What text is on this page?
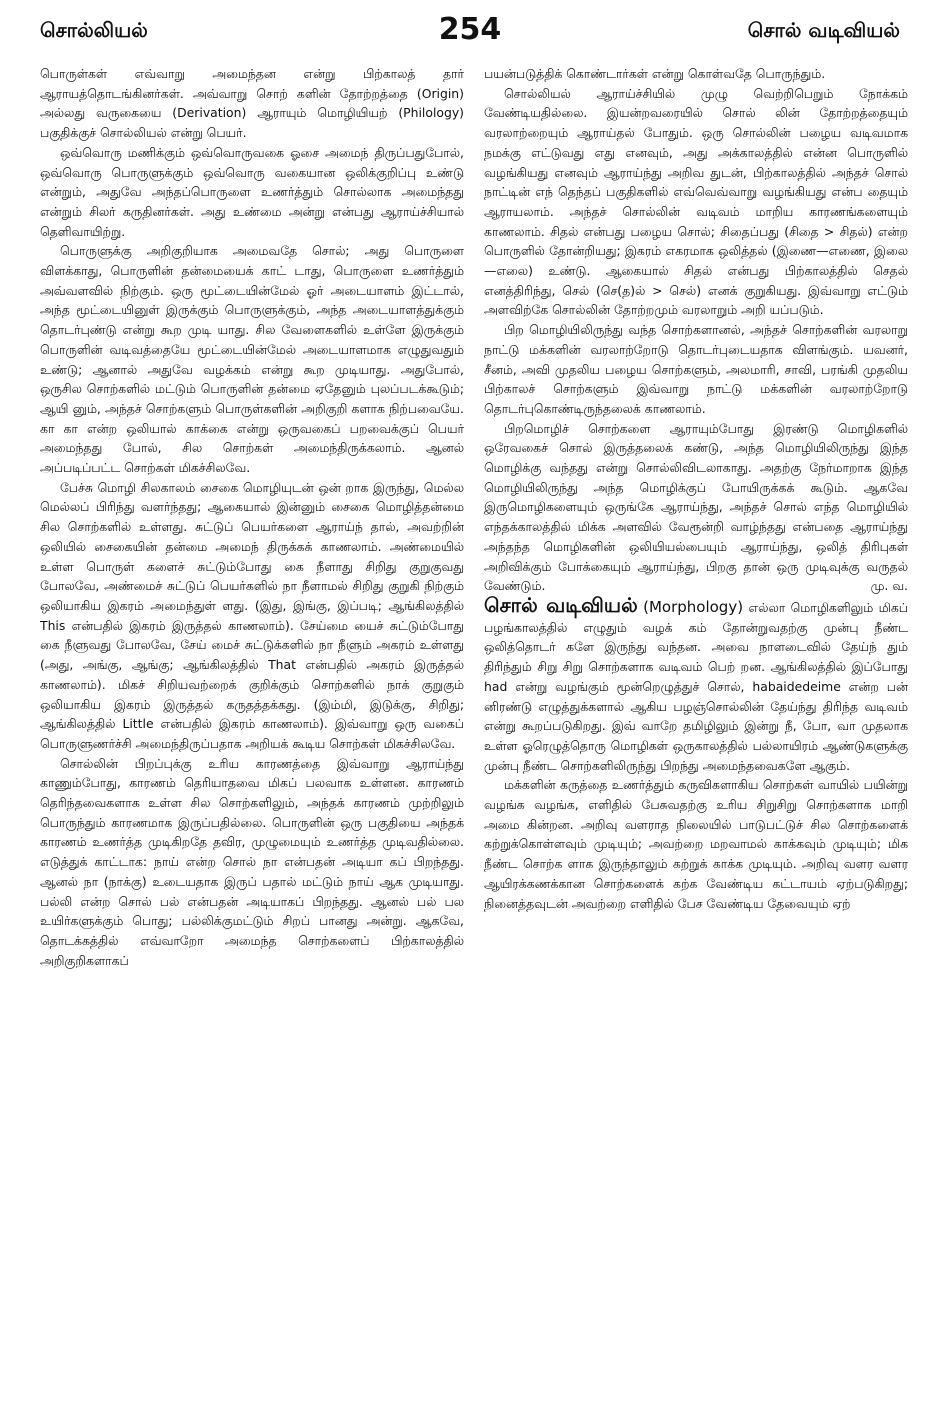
சொல்லியல்	254	சொல் வடிவியல்

பொருள்கள் எவ்வாறு அமைந்தன என்று பிற்காலத் தார் ஆராயத்தொடங்கினர்கள். அவ்வாறு சொற் களின் தோற்றத்தை (Origin) அல்லது வருகையை (Derivation) ஆராயும் மொழியியற் (Philology) பகுதிக்குச் சொல்லியல் என்று பெயர்.

ஒவ்வொரு மணிக்கும் ஒவ்வொருவகை ஓசை அமைந் திருப்பதுபோல், ஒவ்வொரு பொருளுக்கும் ஒவ்வொரு வகையான ஒலிக்குறிப்பு உண்டு என்றும், அதுவே அந்தப்பொருளை உணர்த்தும் சொல்லாக அமைந்தது என்றும் சிலர் கருதினர்கள். அது உண்மை அன்று என்பது ஆராய்ச்சியால் தெளிவாயிற்று.

பொருளுக்கு அறிகுறியாக அமைவதே சொல்; அது பொருளை விளக்காது, பொருளின் தன்மையைக் காட் டாது, பொருளை உணர்த்தும் அவ்வளவில் நிற்கும். ஒரு மூட்டையின்மேல் ஓர் அடையாளம் இட்டால், அந்த மூட்டையினுள் இருக்கும் பொருளுக்கும், அந்த அடையாளத்துக்கும் தொடர்புண்டு என்று கூற முடி யாது. சில வேளைகளில் உள்ளே இருக்கும் பொருளின் வடிவத்தையே மூட்டையின்மேல் அடையாளமாக எழுதுவதும் உண்டு; ஆனால் அதுவே வழக்கம் என்று கூற முடியாது. அதுபோல், ஒருசில சொற்களில் மட்டும் பொருளின் தன்மை ஏதேனும் புலப்படக்கூடும்; ஆயி னும், அந்தச் சொற்களும் பொருள்களின் அறிகுறி களாக நிற்பவையே. கா கா என்ற ஒலியால் காக்கை என்று ஒருவகைப் பறவைக்குப் பெயர் அமைந்தது போல், சில சொற்கள் அமைந்திருக்கலாம். ஆனல் அப்படிப்பட்ட சொற்கள் மிகச்சிலவே.

பேச்சு மொழி சிலகாலம் சைகை மொழியுடன் ஒன் றாக இருந்து, மெல்ல மெல்லப் பிரிந்து வளர்ந்தது; ஆகையால் இன்னும் சைகை மொழித்தன்மை சில சொற்களில் உள்ளது. சுட்டுப் பெயர்களை ஆராய்ந் தால், அவற்றின் ஒலியில் சைகையின் தன்மை அமைந் திருக்கக் காணலாம். அண்மையில் உள்ள பொருள் களைச் சுட்டும்போது கை நீளாது சிறிது குறுகுவது போலவே, அண்மைச் சுட்டுப் பெயர்களில் நா நீளாமல் சிறிது குறுகி நிற்கும் ஒலியாகிய இகரம் அமைந்துள் ளது. (இது, இங்கு, இப்படி; ஆங்கிலத்தில் This என்பதில் இகரம் இருத்தல் காணலாம்). சேய்மை யைச் சுட்டும்போது கை நீளுவது போலவே, சேய் மைச் சுட்டுக்களில் நா நீளும் அகரம் உள்ளது (அது, அங்கு, ஆங்கு; ஆங்கிலத்தில் That என்பதில் அகரம் இருத்தல் காணலாம்). மிகச் சிறியவற்றைக் குறிக்கும் சொற்களில் நாக் குறுகும் ஒலியாகிய இகரம் இருத்தல் கருதத்தக்கது. (இம்மி, இடுக்கு, சிறிது; ஆங்கிலத்தில் Little என்பதில் இகரம் காணலாம்). இவ்வாறு ஒரு வகைப் பொருளுணர்ச்சி அமைந்திருப்பதாக அறியக் கூடிய சொற்கள் மிகச்சிலவே.

சொல்லின் பிறப்புக்கு உரிய காரணத்தை இவ்வாறு ஆராய்ந்து காணும்போது, காரணம் தெரியாதவை மிகப் பலவாக உள்ளன. காரணம் தெரிந்தவைகளாக உள்ள சில சொற்களிலும், அந்தக் காரணம் முற்றிலும் பொருந்தும் காரணமாக இருப்பதில்லை. பொருளின் ஒரு பகுதியை அந்தக் காரணம் உணர்த்த முடிகிறதே தவிர, முழுமையும் உணர்த்த முடிவதில்லை. எடுத்துக் காட்டாக: நாய் என்ற சொல் நா என்பதன் அடியா கப் பிறந்தது. ஆனல் நா (நாக்கு) உடையதாக இருப் பதால் மட்டும் நாய் ஆக முடியாது. பல்லி என்ற சொல் பல் என்பதன் அடியாகப் பிறந்தது. ஆனல் பல் பல உயிர்களுக்கும் பொது; பல்லிக்குமட்டும் சிறப் பானது அன்று. ஆகவே, தொடக்கத்தில் எவ்வாறோ அமைந்த சொற்களைப் பிற்காலத்தில் அறிகுறிகளாகப்

பயன்படுத்திக் கொண்டார்கள் என்று கொள்வதே பொருந்தும்.

சொல்லியல் ஆராய்ச்சியில் முழு வெற்றிபெறும் நோக்கம் வேண்டியதில்லை. இயன்றவரையில் சொல் லின் தோற்றத்தையும் வரலாற்றையும் ஆராய்தல் போதும். ஒரு சொல்லின் பழைய வடிவமாக நமக்கு எட்டுவது எது எனவும், அது அக்காலத்தில் என்ன பொருளில் வழங்கியது எனவும் ஆராய்ந்து அறிவ துடன், பிற்காலத்தில் அந்தச் சொல் நாட்டின் எந் தெந்தப் பகுதிகளில் எவ்வெவ்வாறு வழங்கியது என்ப தையும் ஆராயலாம். அந்தச் சொல்லின் வடிவம் மாறிய காரணங்களையும் காணலாம். சிதல் என்பது பழைய சொல்; சிதைப்பது (சிதை > சிதல்) என்ற பொருளில் தோன்றியது; இகரம் எகரமாக ஒலித்தல் (இணை—எணை, இலை—எலை) உண்டு. ஆகையால் சிதல் என்பது பிற்காலத்தில் செதல் எனத்திரிந்து, செல் (செ(த)ல் > செல்) எனக் குறுகியது. இவ்வாறு எட்டும் அளவிற்கே சொல்லின் தோற்றமும் வரலாறும் அறி யப்படும்.

பிற மொழியிலிருந்து வந்த சொற்களானல், அந்தச் சொற்களின் வரலாறு நாட்டு மக்களின் வரலாற்றோடு தொடர்புடையதாக விளங்கும். யவனர், சீனம், அவி முதலிய பழைய சொற்களும், அலமாரி, சாவி, பரங்கி முதலிய பிற்காலச் சொற்களும் இவ்வாறு நாட்டு மக்களின் வரலாற்றோடு தொடர்புகொண்டிருந்தலைக் காணலாம்.

பிறமொழிச் சொற்களை ஆராயும்போது இரண்டு மொழிகளில் ஒரேவகைச் சொல் இருத்தலைக் கண்டு, அந்த மொழியிலிருந்து இந்த மொழிக்கு வந்தது என்று சொல்லிவிடலாகாது. அதற்கு நேர்மாறாக இந்த மொழியிலிருந்து அந்த மொழிக்குப் போயிருக்கக் கூடும். ஆகவே இருமொழிகளையும் ஒருங்கே ஆராய்ந்து, அந்தச் சொல் எந்த மொழியில் எந்தக்காலத்தில் மிக்க அளவில் வேரூன்றி வாழ்ந்தது என்பதை ஆராய்ந்து அந்தந்த மொழிகளின் ஒலியியல்பையும் ஆராய்ந்து, ஒலித் திரிபுகள் அறிவிக்கும் போக்கையும் ஆராய்ந்து, பிறகு தான் ஒரு முடிவுக்கு வருதல் வேண்டும்.	மு. வ.

சொல் வடிவியல் (Morphology) எல்லா மொழிகளிலும் மிகப் பழங்காலத்தில் எழுதும் வழக் கம் தோன்றுவதற்கு முன்பு நீண்ட ஒலித்தொடர் களே இருந்து வந்தன. அவை நாளடைவில் தேய்ந் தும் திரிந்தும் சிறு சிறு சொற்களாக வடிவம் பெற் றன. ஆங்கிலத்தில் இப்போது had என்று வழங்கும் மூன்றெழுத்துச் சொல், habaidedeime என்ற பன் னிரண்டு எழுத்துக்களால் ஆகிய பழஞ்சொல்லின் தேய்ந்து திரிந்த வடிவம் என்று கூறப்படுகிறது. இவ் வாறே தமிழிலும் இன்று நீ, போ, வா முதலாக உள்ள ஓரெழுத்தொரு மொழிகள் ஒருகாலத்தில் பல்லாயிரம் ஆண்டுகளுக்கு முன்பு நீண்ட சொற்களிலிருந்து பிறந்து அமைந்தவைகளே ஆகும்.

மக்களின் கருத்தை உணர்த்தும் கருவிகளாகிய சொற்கள் வாயில் பயின்று வழங்க வழங்க, எளிதில் பேசுவதற்கு உரிய சிறுசிறு சொற்களாக மாறி அமை கின்றன. அறிவு வளராத நிலையில் பாடுபட்டுச் சில சொற்களைக் கற்றுக்கொள்ளவும் முடியும்; அவற்றை மறவாமல் காக்கவும் முடியும்; மிக நீண்ட சொற்க ளாக இருந்தாலும் கற்றுக் காக்க முடியும். அறிவு வளர வளர ஆயிரக்கணக்கான சொற்களைக் கற்க வேண்டிய கட்டாயம் ஏற்படுகிறது; நினைத்தவுடன் அவற்றை எளிதில் பேச வேண்டிய தேவையும் ஏற்
